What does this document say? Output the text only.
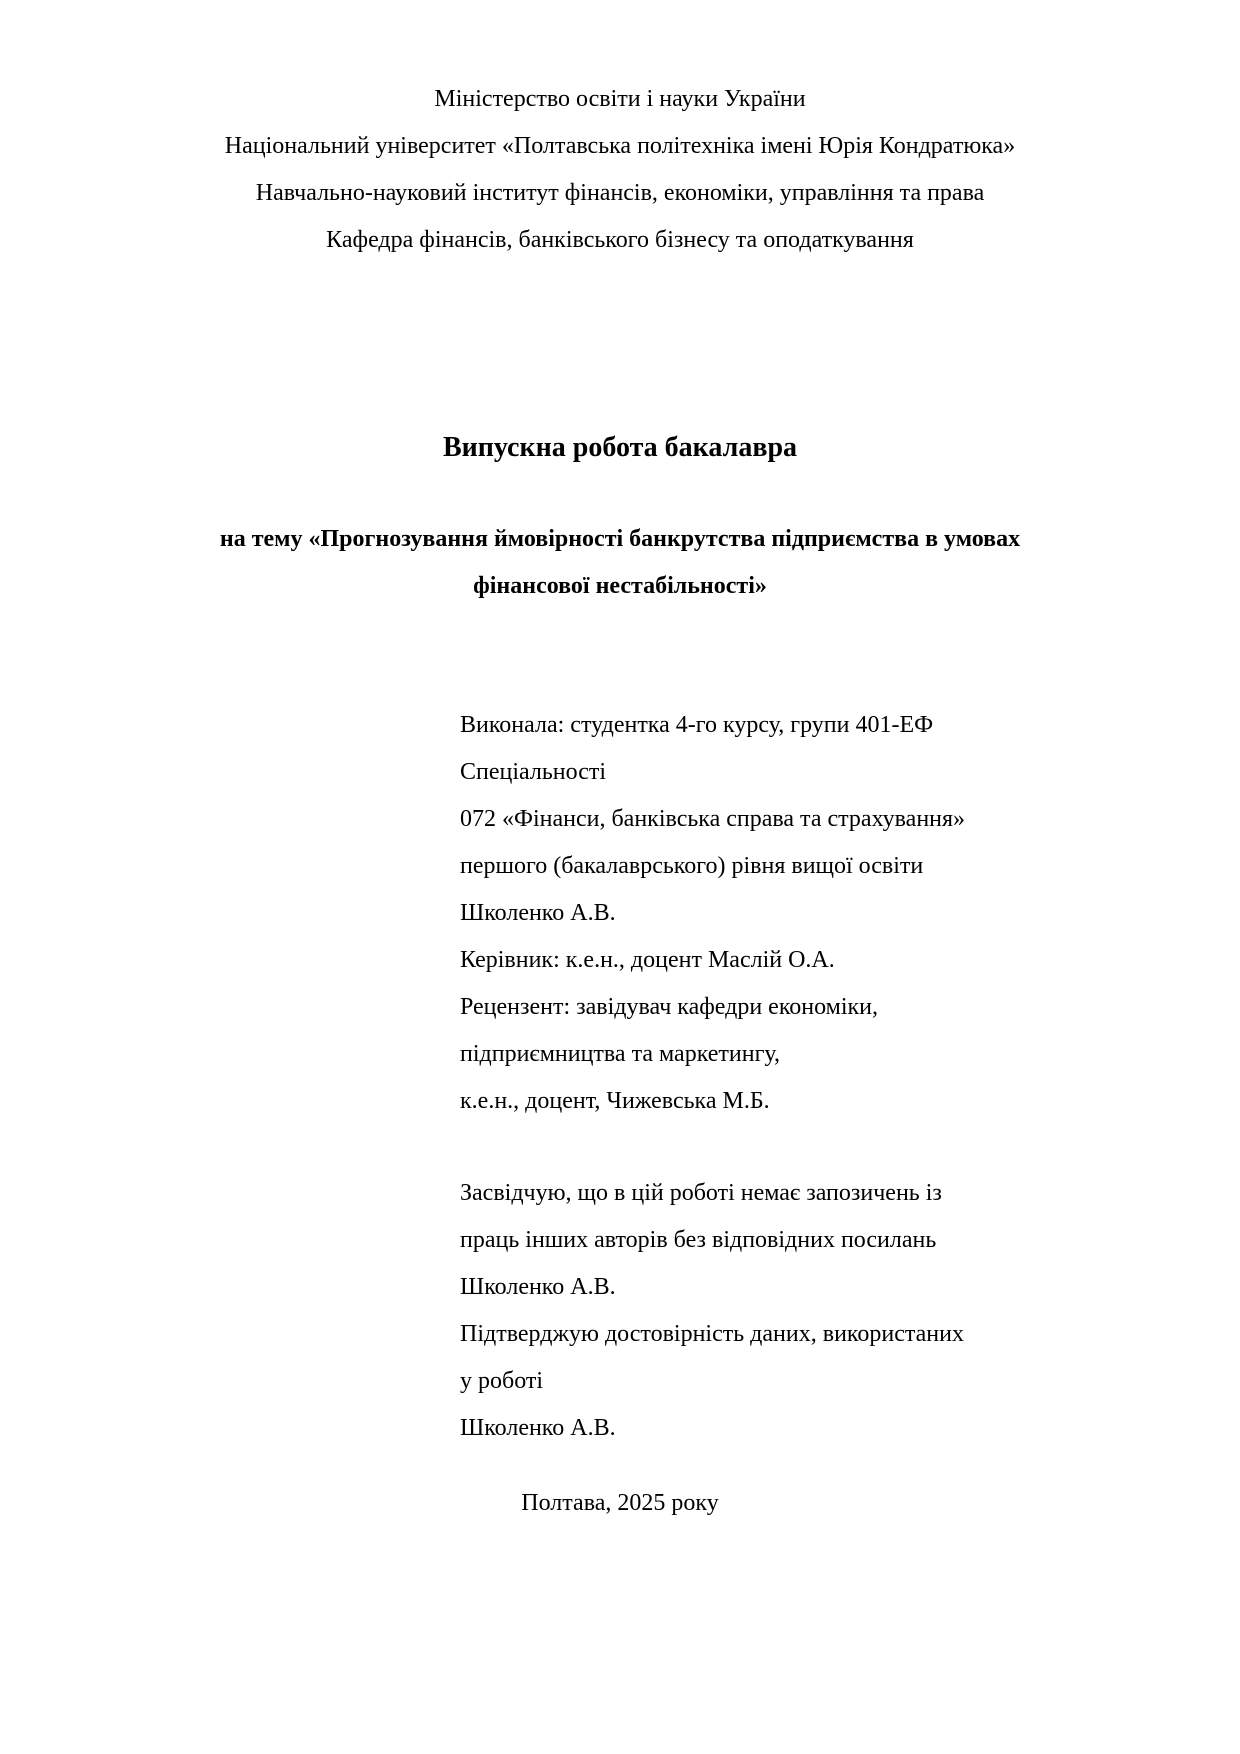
Міністерство освіти і науки України
Національний університет «Полтавська політехніка імені Юрія Кондратюка»
Навчально-науковий інститут фінансів, економіки, управління та права
Кафедра фінансів, банківського бізнесу та оподаткування
Випускна робота бакалавра
на тему «Прогнозування ймовірності банкрутства підприємства в умовах
фінансової нестабільності»
Виконала: студентка 4-го курсу, групи 401-ЕФ
Спеціальності
072 «Фінанси, банківська справа та страхування»
першого (бакалаврського) рівня вищої освіти
Школенко А.В.
Керівник: к.е.н., доцент Маслій О.А.
Рецензент: завідувач кафедри економіки,
підприємництва та маркетингу,
к.е.н., доцент, Чижевська М.Б.
Засвідчую, що в цій роботі немає запозичень із
праць інших авторів без відповідних посилань
Школенко А.В.
Підтверджую достовірність даних, використаних
у роботі
Школенко А.В.
Полтава, 2025 року
